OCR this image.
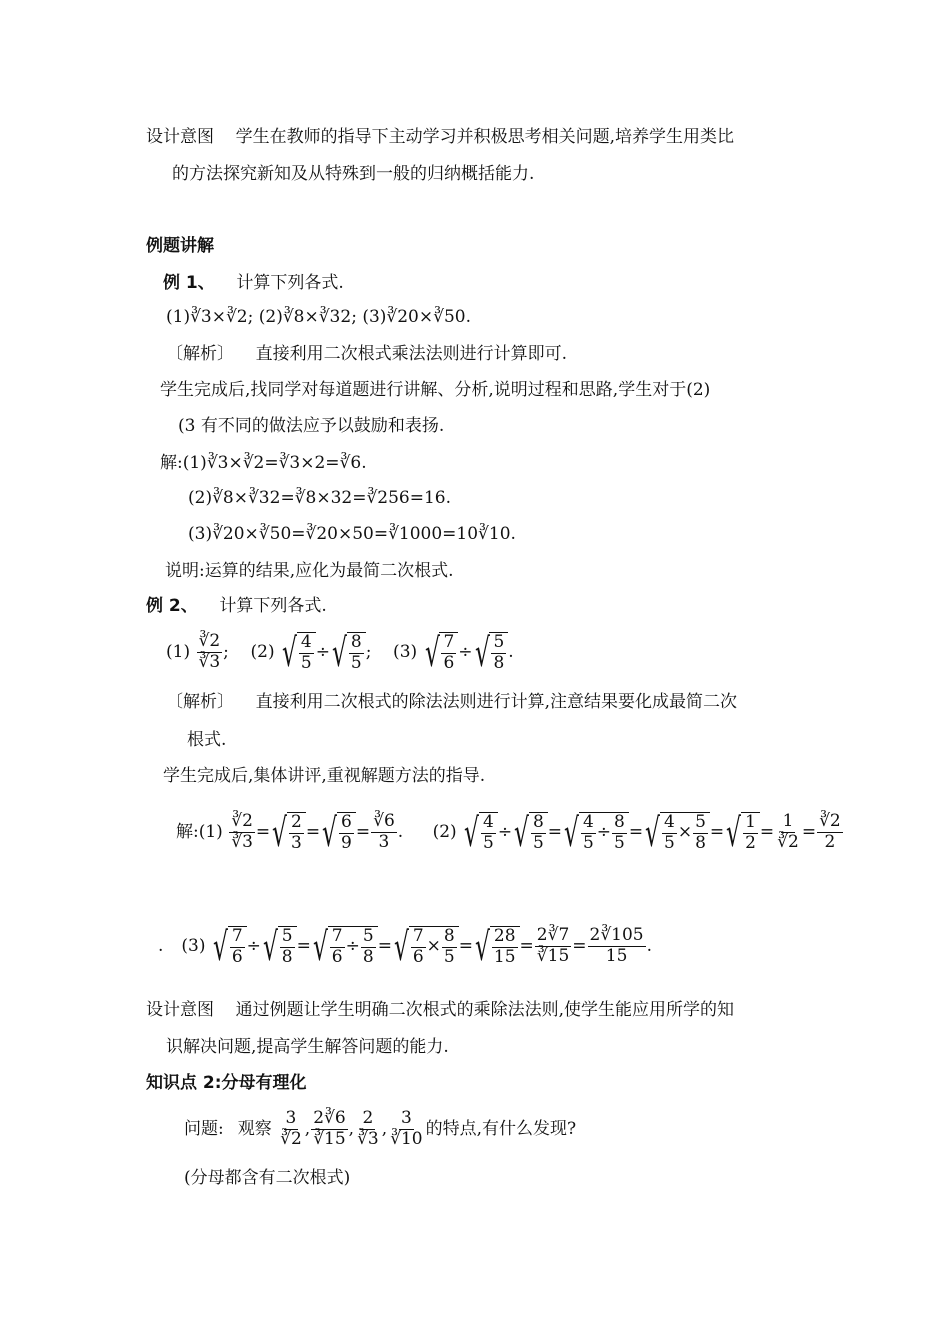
设计意图 学生在教师的指导下主动学习并积极思考相关问题,培养学生用类比
的方法探究新知及从特殊到一般的归纳概括能力.
例题讲解
例 1、 计算下列各式.
(1)∛3×∛2; (2)∛8×∛32; (3)∛20×∛50.
〔解析〕 直接利用二次根式乘法法则进行计算即可.
学生完成后,找同学对每道题进行讲解、分析,说明过程和思路,学生对于(2)
(3 有不同的做法应予以鼓励和表扬.
解:(1)∛3×∛2=∛3×2=∛6.
(2)∛8×∛32=∛8×32=∛256=16.
(3)∛20×∛50=∛20×50=∛1000=10∛10.
说明:运算的结果,应化为最简二次根式.
例 2、 计算下列各式.
$(1) \frac{∛2}{∛3}$ ;    (2) √ 4
5
÷ √ 8
5
;    (3) √ 7
6
÷ √ 5
8
.
〔解析〕 直接利用二次根式的除法法则进行计算,注意结果要化成最简二次
根式.
学生完成后,集体讲评,重视解题方法的指导.
解:(1) $\frac{∛2}{∛3}$ = √ 2
3
= √ 6
9
= $\frac{∛6}{3}$ . (2) √ 4
5
÷ √ 8
5
= √ $\frac{4}{5} \div \frac{8}{5}$ = √ $\frac{4}{5} \times \frac{5}{8}$ = √ 1
2
= $\frac{1}{∛2} = \frac{∛2}{2}$
. (3) √ 7
6
÷ √ 5
8
= √ $\frac{7}{6} \div \frac{5}{8}$ = √ $\frac{7}{6} \times \frac{8}{5}$ = √ 28
15
= $\frac{2∛7}{∛15} = \frac{2∛105}{15}$ .
设计意图 通过例题让学生明确二次根式的乘除法法则,使学生能应用所学的知
识解决问题,提高学生解答问题的能力.
知识点 2:分母有理化
问题: 观察 $\frac{3}{∛2}$ , $\frac{2∛6}{∛15}$ , $\frac{2}{∛3}$ , $\frac{3}{∛10}$ 的特点,有什么发现?
(分母都含有二次根式)
